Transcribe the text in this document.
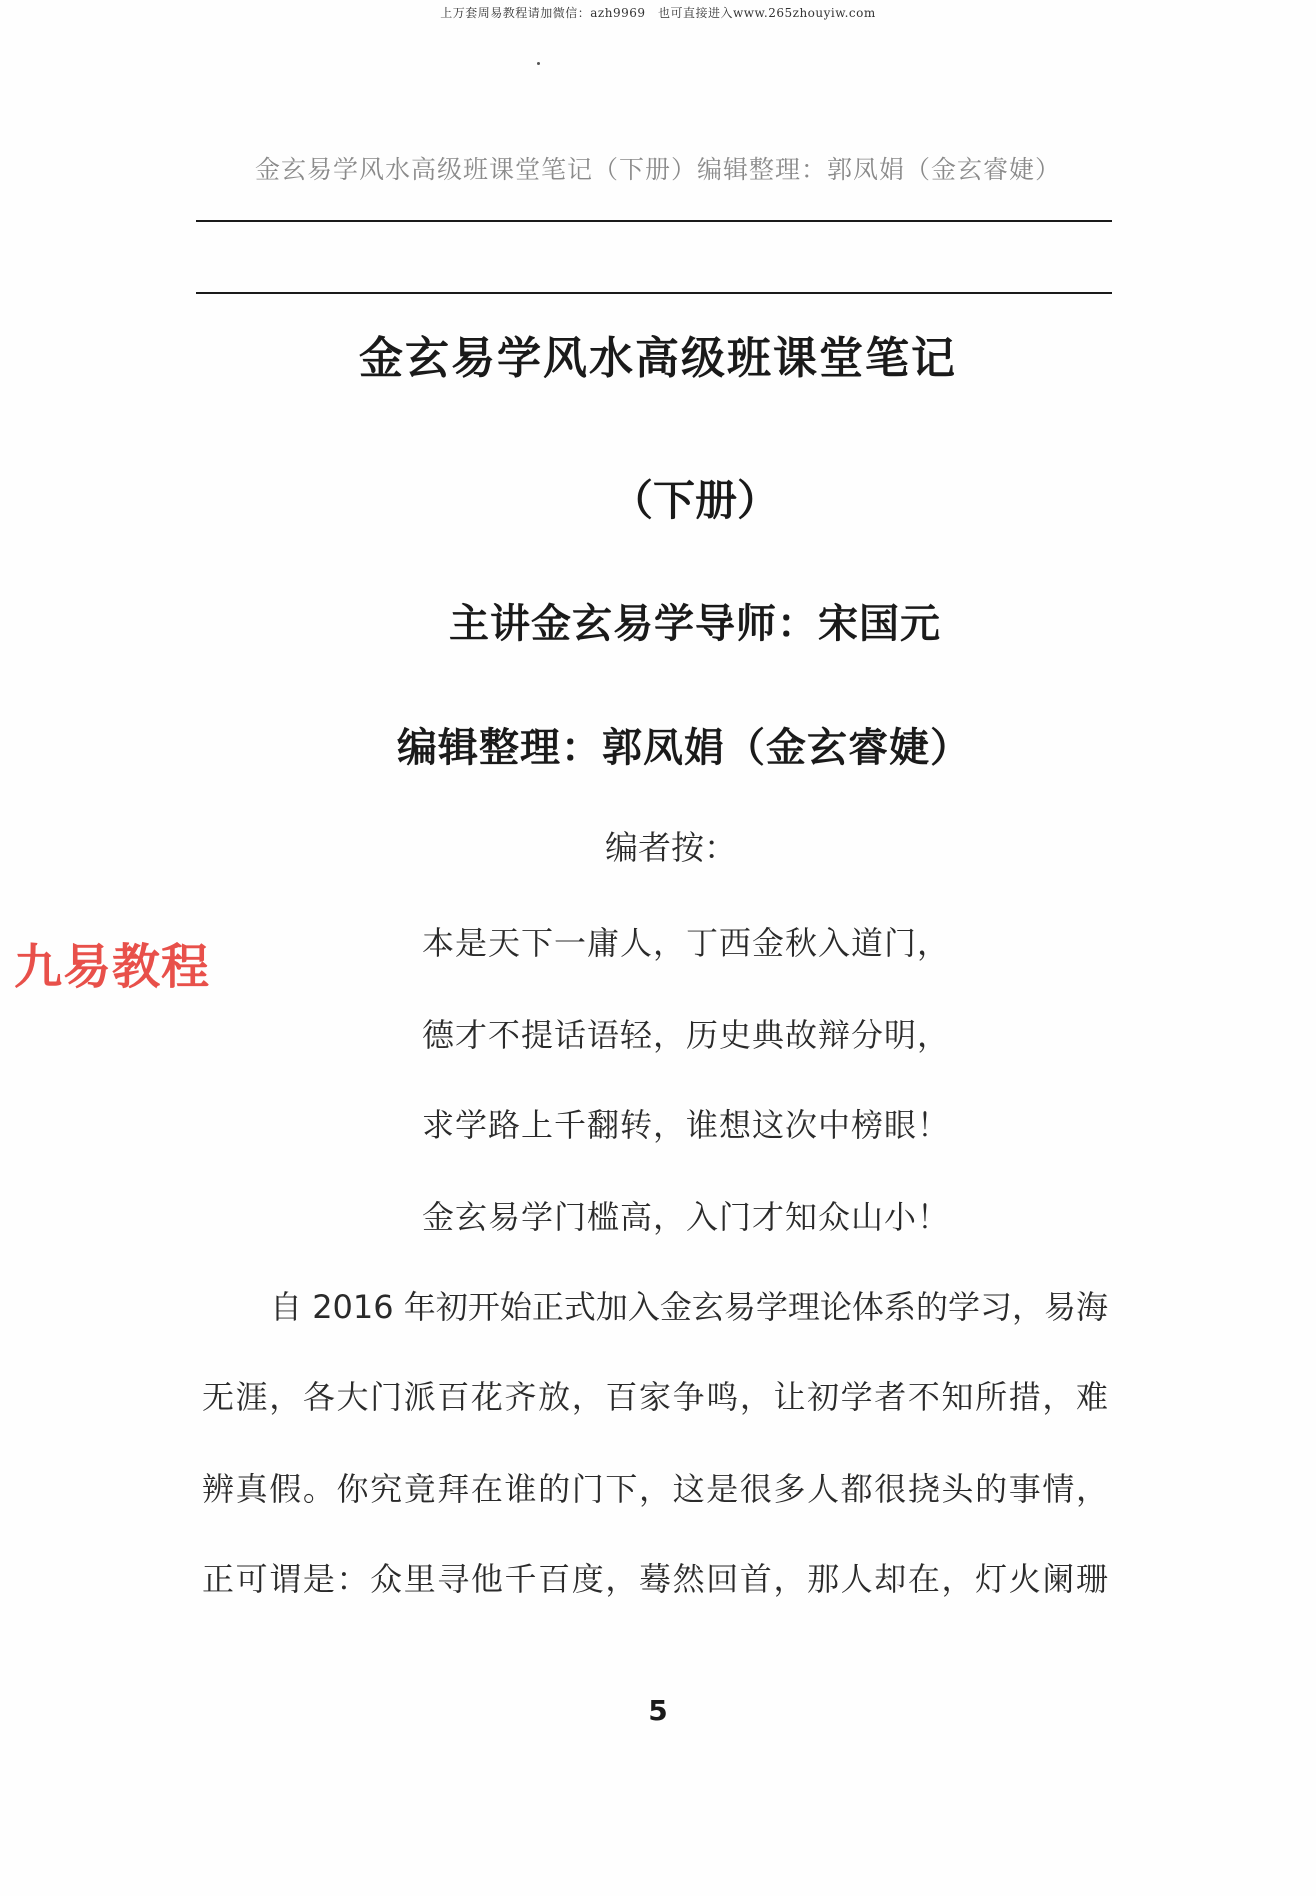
上万套周易教程请加微信：azh9969　也可直接进入www.265zhouyiw.com
金玄易学风水高级班课堂笔记（下册）编辑整理：郭凤娟（金玄睿婕）
金玄易学风水高级班课堂笔记
（下册）
主讲金玄易学导师：宋国元
编辑整理：郭凤娟（金玄睿婕）
编者按：
九易教程	本是天下一庸人，丁西金秋入道门，
德才不提话语轻，历史典故辩分明，
求学路上千翻转，谁想这次中榜眼！
金玄易学门槛高，入门才知众山小！
自 2016 年初开始正式加入金玄易学理论体系的学习，易海
无涯，各大门派百花齐放，百家争鸣，让初学者不知所措，难
辨真假。你究竟拜在谁的门下，这是很多人都很挠头的事情，
正可谓是：众里寻他千百度，蓦然回首，那人却在，灯火阑珊
5
